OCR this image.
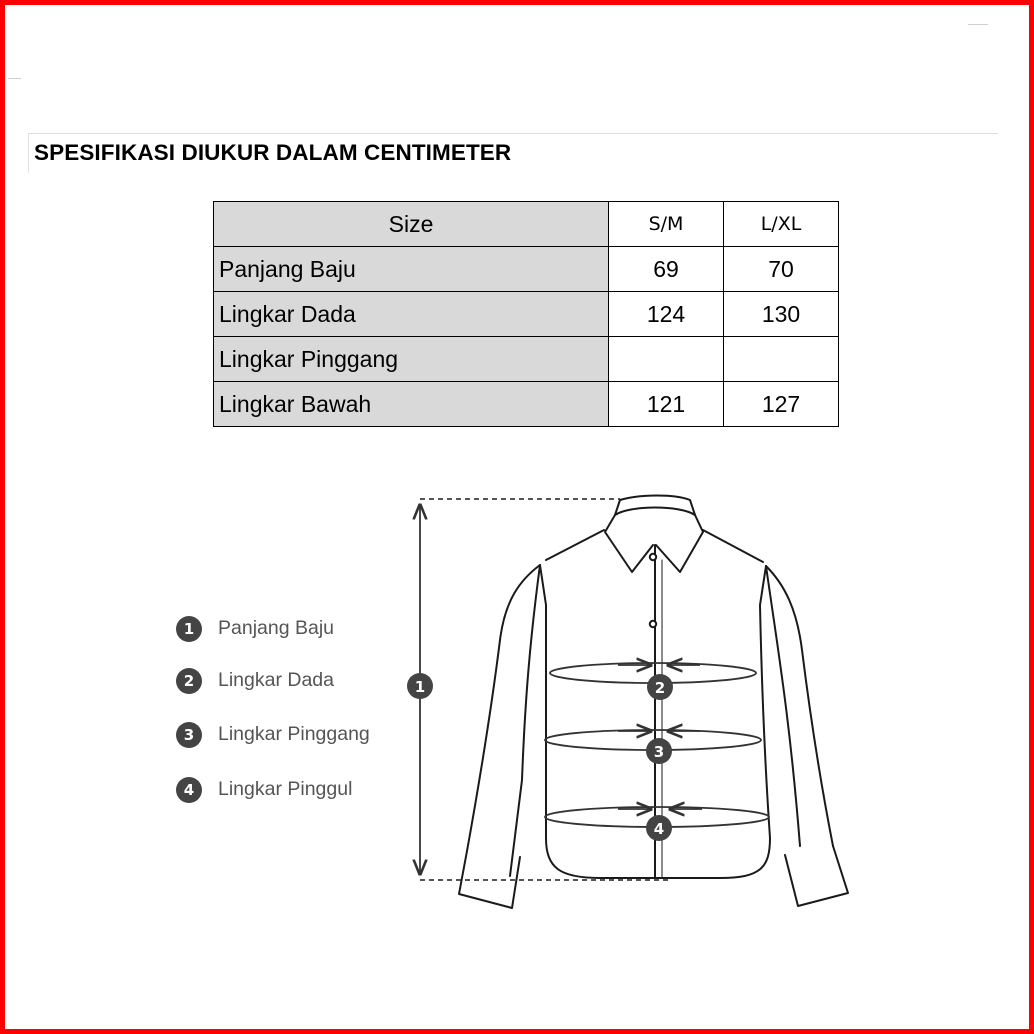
SPESIFIKASI DIUKUR DALAM CENTIMETER
Size	S/M	L/XL
Panjang Baju	69	70
Lingkar Dada	124	130
Lingkar Pinggang		
Lingkar Bawah	121	127
1	Panjang Baju
2	Lingkar Dada
3	Lingkar Pinggang
4	Lingkar Pinggul
1	2
3
4
